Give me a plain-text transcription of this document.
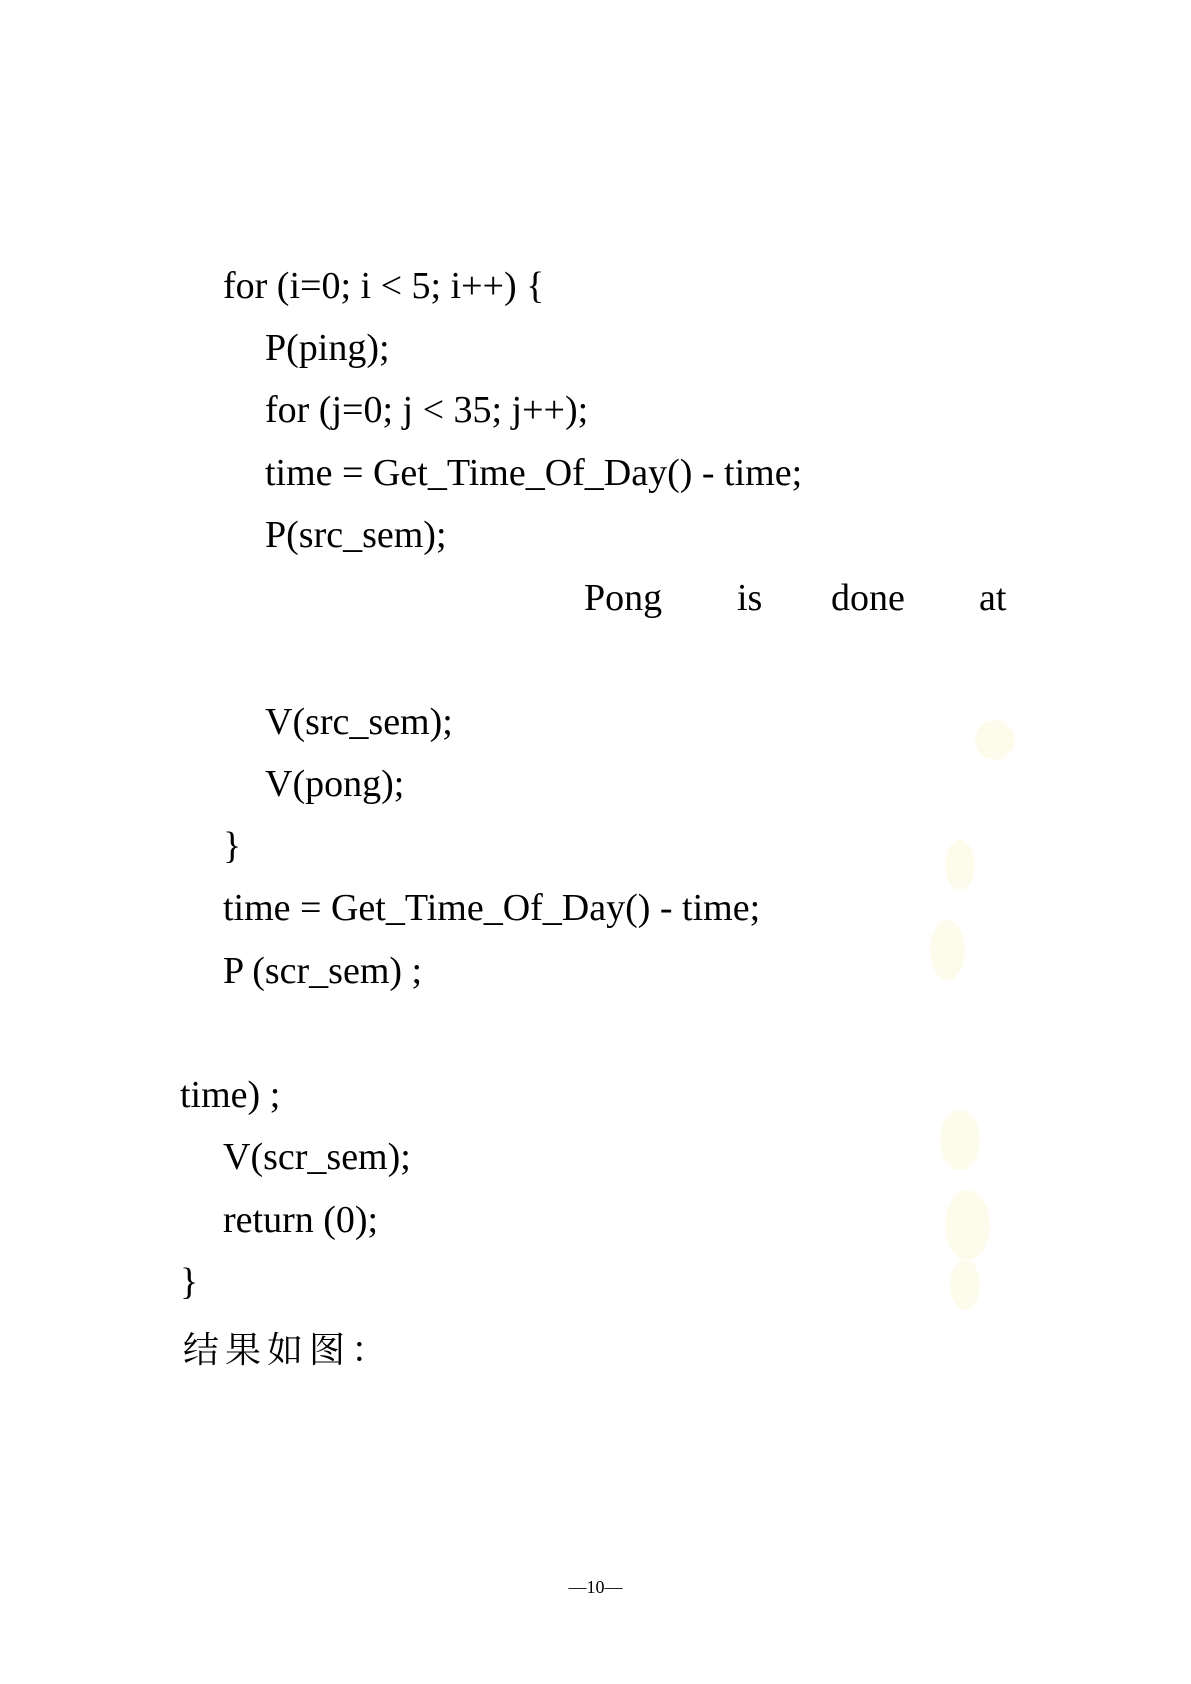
for (i=0; i < 5; i++) {
P(ping);
for (j=0; j < 35; j++);
time = Get_Time_Of_Day() - time;
P(src_sem);
Pong is done at
V(src_sem);
V(pong);
}
time = Get_Time_Of_Day() - time;
P (scr_sem) ;
time) ;
V(scr_sem);
return (0);
}
结果如图：
—10—
